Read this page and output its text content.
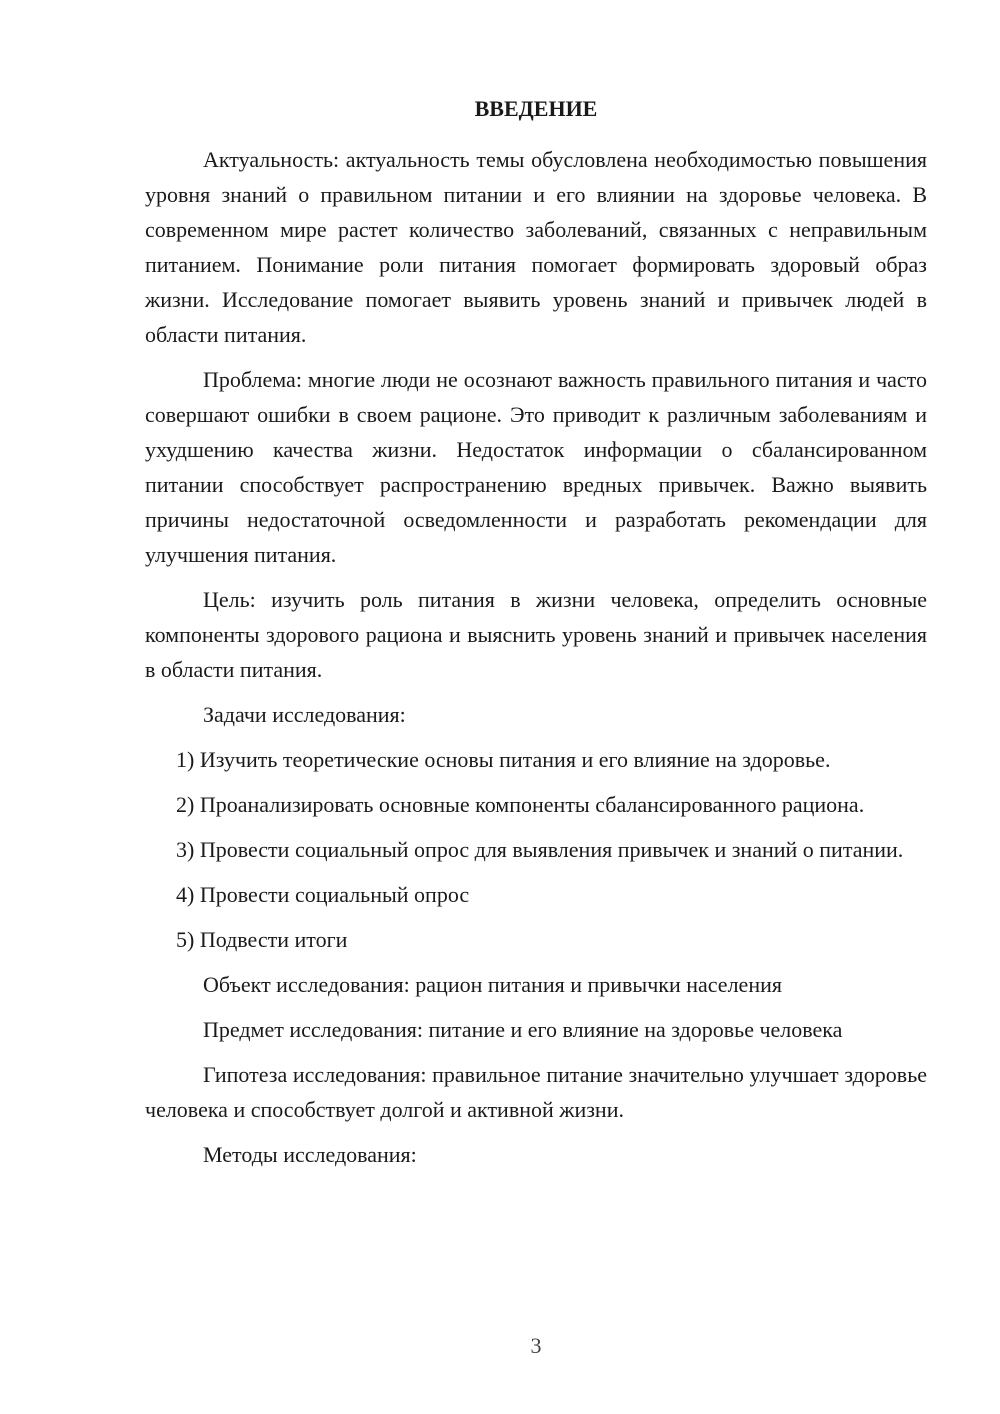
ВВЕДЕНИЕ

Актуальность: актуальность темы обусловлена необходимостью повышения уровня знаний о правильном питании и его влиянии на здоровье человека. В современном мире растет количество заболеваний, связанных с неправильным питанием. Понимание роли питания помогает формировать здоровый образ жизни. Исследование помогает выявить уровень знаний и привычек людей в области питания.

Проблема: многие люди не осознают важность правильного питания и часто совершают ошибки в своем рационе. Это приводит к различным заболеваниям и ухудшению качества жизни. Недостаток информации о сбалансированном питании способствует распространению вредных привычек. Важно выявить причины недостаточной осведомленности и разработать рекомендации для улучшения питания.

Цель: изучить роль питания в жизни человека, определить основные компоненты здорового рациона и выяснить уровень знаний и привычек населения в области питания.

Задачи исследования:

1) Изучить теоретические основы питания и его влияние на здоровье.

2) Проанализировать основные компоненты сбалансированного рациона.

3) Провести социальный опрос для выявления привычек и знаний о питании.

4) Провести социальный опрос

5) Подвести итоги

Объект исследования: рацион питания и привычки населения

Предмет исследования: питание и его влияние на здоровье человека

Гипотеза исследования: правильное питание значительно улучшает здоровье человека и способствует долгой и активной жизни.

Методы исследования:

3
